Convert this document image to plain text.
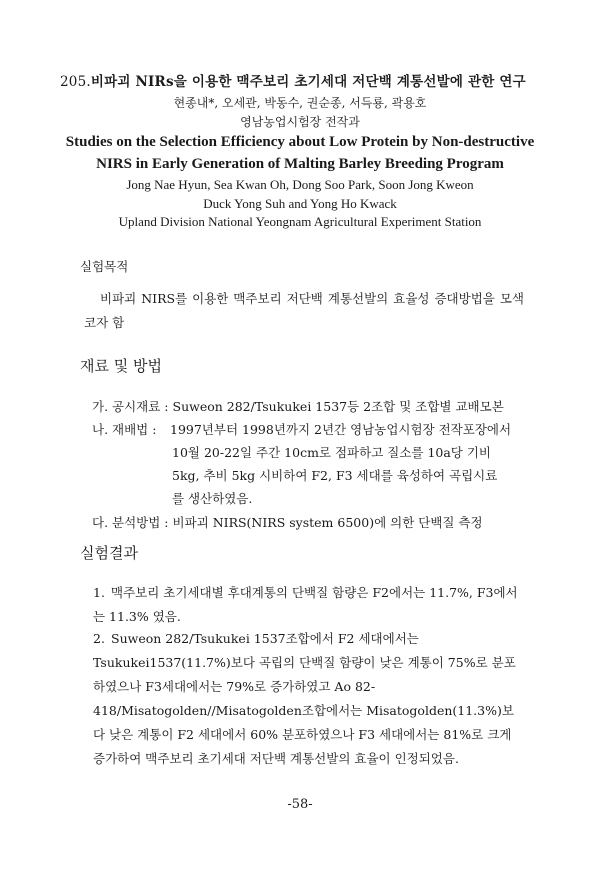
205.비파괴 NIRs을 이용한 맥주보리 초기세대 저단백 계통선발에 관한 연구
현종내*, 오세관, 박동수, 권순종, 서득룡, 곽용호
영남농업시험장 전작과
Studies on the Selection Efficiency about Low Protein by Non-destructive
NIRS in Early Generation of Malting Barley Breeding Program
Jong Nae Hyun, Sea Kwan Oh, Dong Soo Park, Soon Jong Kweon
Duck Yong Suh and Yong Ho Kwack
Upland Division National Yeongnam Agricultural Experiment Station
실험목적
비파괴 NIRS를 이용한 맥주보리 저단백 계통선발의 효율성 증대방법을 모색코자 함
재료 및 방법
가. 공시재료 : Suweon 282/Tsukukei 1537등 2조합 및 조합별 교배모본
나. 재배법 : 1997년부터 1998년까지 2년간 영남농업시험장 전작포장에서
10월 20-22일 주간 10cm로 점파하고 질소를 10a당 기비
5kg, 추비 5kg 시비하여 F2, F3 세대를 육성하여 곡립시료
를 생산하였음.
다. 분석방법 : 비파괴 NIRS(NIRS system 6500)에 의한 단백질 측정
실험결과
1. 맥주보리 초기세대별 후대계통의 단백질 함량은 F2에서는 11.7%, F3에서는 11.3% 였음.
2. Suweon 282/Tsukukei 1537조합에서 F2 세대에서는 Tsukukei1537(11.7%)보다 곡립의 단백질 함량이 낮은 계통이 75%로 분포 하였으나 F3세대에서는 79%로 증가하였고 Ao 82-418/Misatogolden//Misatogolden조합에서는 Misatogolden(11.3%)보다 낮은 계통이 F2 세대에서 60% 분포하였으나 F3 세대에서는 81%로 크게 증가하여 맥주보리 초기세대 저단백 계통선발의 효율이 인정되었음.
-58-
